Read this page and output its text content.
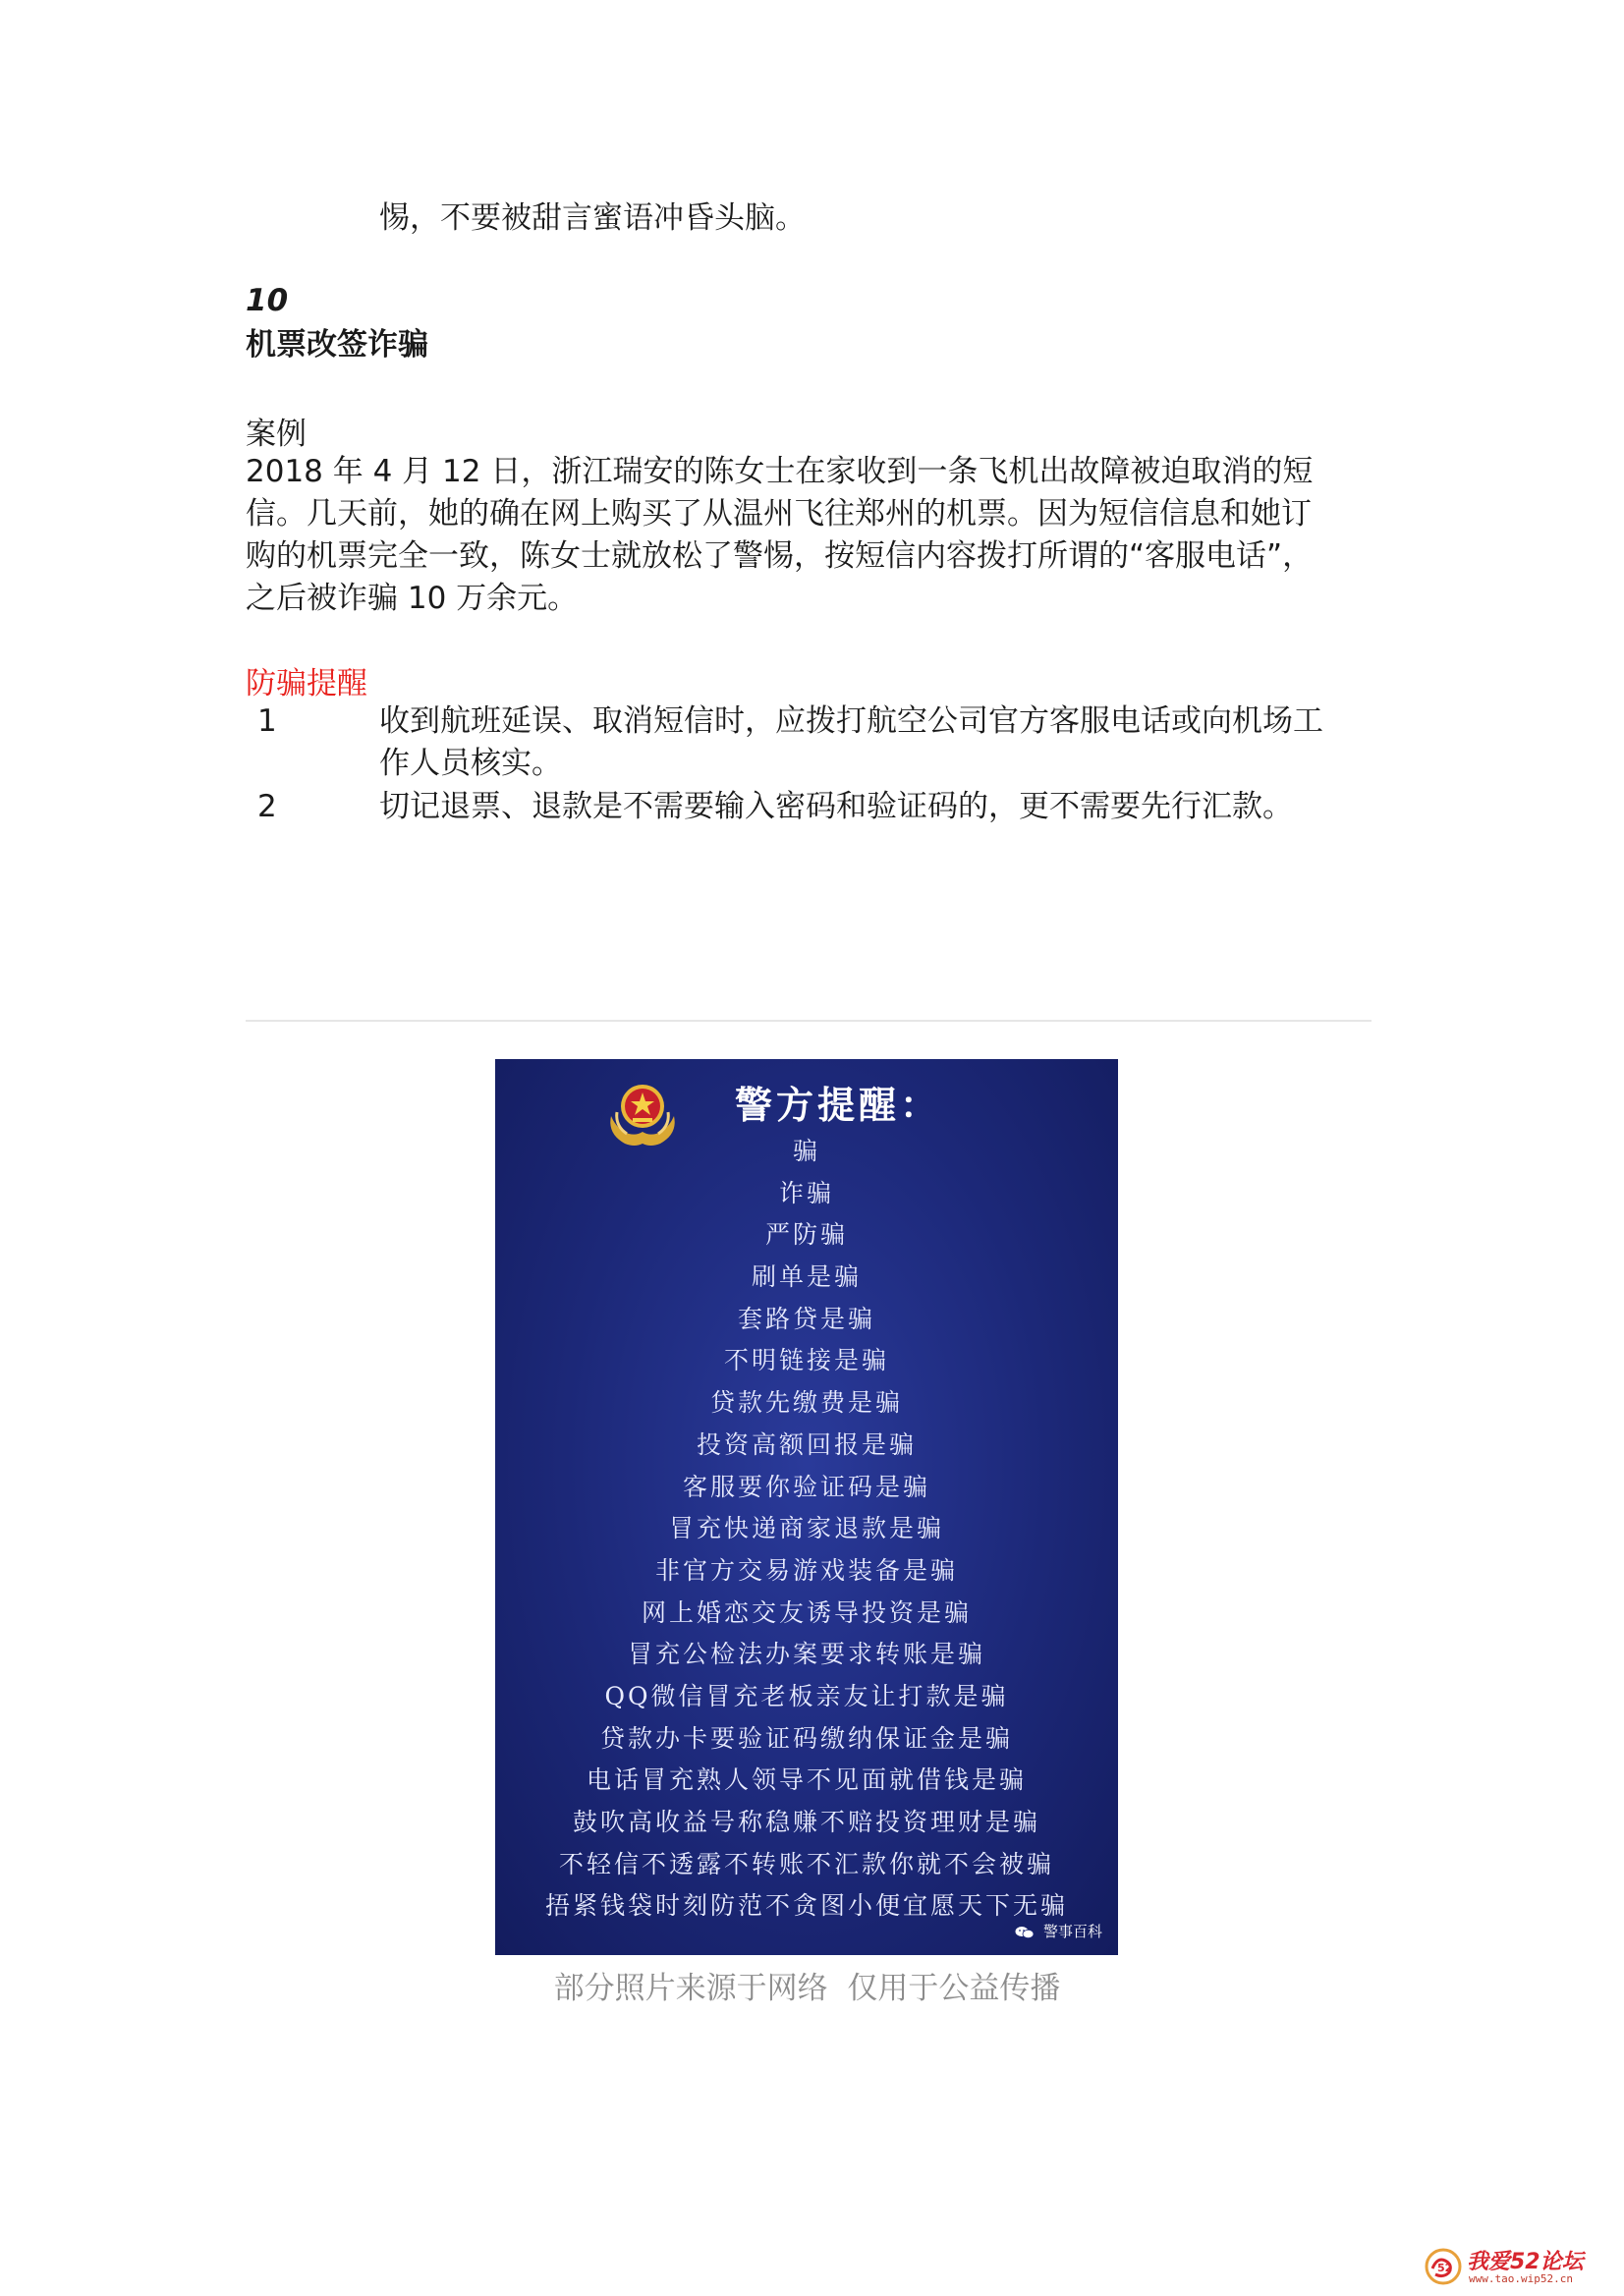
惕，不要被甜言蜜语冲昏头脑。
10
机票改签诈骗
案例
2018 年 4 月 12 日，浙江瑞安的陈女士在家收到一条飞机出故障被迫取消的短
信。几天前，她的确在网上购买了从温州飞往郑州的机票。因为短信信息和她订
购的机票完全一致，陈女士就放松了警惕，按短信内容拨打所谓的“客服电话”，
之后被诈骗 10 万余元。
防骗提醒
1	收到航班延误、取消短信时，应拨打航空公司官方客服电话或向机场工
作人员核实。
2	切记退票、退款是不需要输入密码和验证码的，更不需要先行汇款。
警方提醒：
骗
诈骗
严防骗
刷单是骗
套路贷是骗
不明链接是骗
贷款先缴费是骗
投资高额回报是骗
客服要你验证码是骗
冒充快递商家退款是骗
非官方交易游戏装备是骗
网上婚恋交友诱导投资是骗
冒充公检法办案要求转账是骗
QQ微信冒充老板亲友让打款是骗
贷款办卡要验证码缴纳保证金是骗
电话冒充熟人领导不见面就借钱是骗
鼓吹高收益号称稳赚不赔投资理财是骗
不轻信不透露不转账不汇款你就不会被骗
捂紧钱袋时刻防范不贪图小便宜愿天下无骗
警事百科
部分照片来源于网络  仅用于公益传播
52 我爱52论坛
www.tao.wip52.cn
